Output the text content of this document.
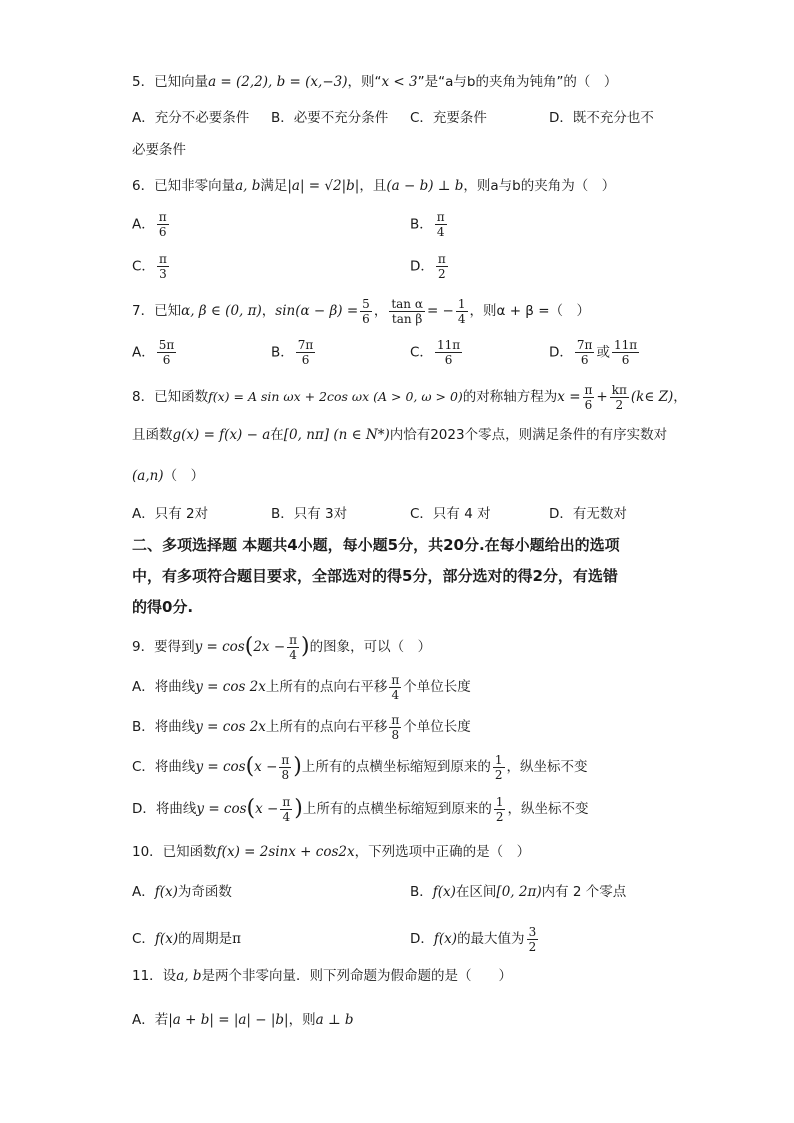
5．已知向量a = (2,2), b = (x,−3)，则“x < 3”是“a与b的夹角为钝角”的（　）
A．充分不必要条件 B．必要不充分条件 C．充要条件	D．既不充分也不
必要条件
6．已知非零向量a, b满足|a| = √2|b|，且(a − b) ⊥ b，则a与b的夹角为（　）
A． $\frac{\pi}{6}$	B． $\frac{\pi}{4}$
C． $\frac{\pi}{3}$	D． $\frac{\pi}{2}$
7．已知α, β ∈ (0, π)，$\sin(\alpha - \beta) = \frac{5}{6}$ ， $\frac{\text{tan α}}{\text{tan β}}$ = − $\frac{1}{4}$ ，则α + β =（　）
A． $\frac{5\pi}{6}$	B． $\frac{7\pi}{6}$	C． $\frac{11\pi}{6}$	D． $\frac{7\pi}{6}$ 或 $\frac{11\pi}{6}$
8．已知函数f(x) = A sin ωx + 2cos ωx (A > 0, ω > 0)的对称轴方程为$x = \frac{\pi}{6} + \frac{k\pi}{2}$ (k∈ Z)，
且函数g(x) = f(x) − a在[0, nπ] (n ∈ N*)内恰有2023个零点，则满足条件的有序实数对
(a,n)（　）
A．只有 2对	B．只有 3对	C．只有 4 对	D．有无数对
二、多项选择题 本题共4小题，每小题5分，共20分.在每小题给出的选项
中，有多项符合题目要求，全部选对的得5分，部分选对的得2分，有选错
的得0分.
9．要得到$y = \cos(2x - \frac{\pi}{4}$ )的图象，可以（　）
A．将曲线y = cos 2x上所有的点向右平移 $\frac{\pi}{4}$ 个单位长度
B．将曲线y = cos 2x上所有的点向右平移 $\frac{\pi}{8}$ 个单位长度
C．将曲线$y = \cos(x - \frac{\pi}{8}$ )上所有的点横坐标缩短到原来的 $\frac{1}{2}$ ，纵坐标不变
D．将曲线$y = \cos(x - \frac{\pi}{4}$ )上所有的点横坐标缩短到原来的 $\frac{1}{2}$ ，纵坐标不变
10．已知函数f(x) = 2sinx + cos2x，下列选项中正确的是（　）
A．f(x)为奇函数	B．f(x)在区间[0, 2π)内有 2 个零点
C．f(x)的周期是π	D．f(x)的最大值为 $\frac{3}{2}$
11．设a, b是两个非零向量．则下列命题为假命题的是（　　）
A．若|a + b| = |a| − |b|，则a ⊥ b
